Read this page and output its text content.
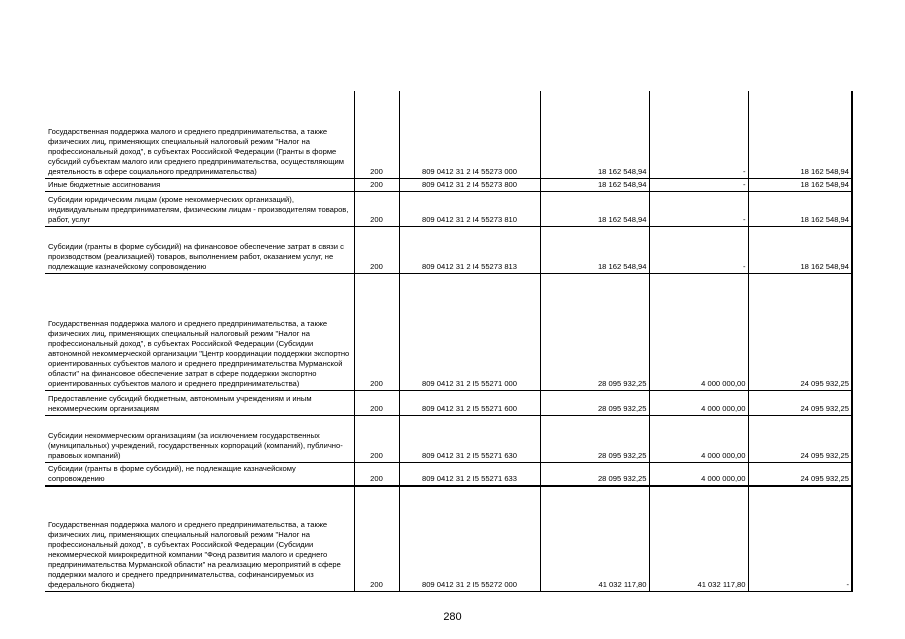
Государственная поддержка малого и среднего предпринимательства, а также физических лиц, применяющих специальный налоговый режим "Налог на профессиональный доход", в субъектах Российской Федерации (Гранты в форме субсидий субъектам малого или среднего предпринимательства, осуществляющим деятельность в сфере социального предпринимательства)	200	809 0412 31 2 I4 55273 000	18 162 548,94	-	18 162 548,94
Иные бюджетные ассигнования	200	809 0412 31 2 I4 55273 800	18 162 548,94	-	18 162 548,94
Субсидии юридическим лицам (кроме некоммерческих организаций), индивидуальным предпринимателям, физическим лицам - производителям товаров, работ, услуг	200	809 0412 31 2 I4 55273 810	18 162 548,94	-	18 162 548,94
Субсидии (гранты в форме субсидий) на финансовое обеспечение затрат в связи с производством (реализацией) товаров, выполнением работ, оказанием услуг, не подлежащие казначейскому сопровождению	200	809 0412 31 2 I4 55273 813	18 162 548,94	-	18 162 548,94
Государственная поддержка малого и среднего предпринимательства, а также физических лиц, применяющих специальный налоговый режим "Налог на профессиональный доход", в субъектах Российской Федерации (Субсидии автономной некоммерческой организации "Центр координации поддержки экспортно ориентированных субъектов малого и среднего предпринимательства Мурманской области" на финансовое обеспечение затрат в сфере поддержки экспортно ориентированных субъектов малого и среднего предпринимательства)	200	809 0412 31 2 I5 55271 000	28 095 932,25	4 000 000,00	24 095 932,25
Предоставление субсидий бюджетным, автономным учреждениям и иным некоммерческим организациям	200	809 0412 31 2 I5 55271 600	28 095 932,25	4 000 000,00	24 095 932,25
Субсидии некоммерческим организациям (за исключением государственных (муниципальных) учреждений, государственных корпораций (компаний), публично-правовых компаний)	200	809 0412 31 2 I5 55271 630	28 095 932,25	4 000 000,00	24 095 932,25
Субсидии (гранты в форме субсидий), не подлежащие казначейскому сопровождению	200	809 0412 31 2 I5 55271 633	28 095 932,25	4 000 000,00	24 095 932,25
Государственная поддержка малого и среднего предпринимательства, а также физических лиц, применяющих специальный налоговый режим "Налог на профессиональный доход", в субъектах Российской Федерации (Субсидии некоммерческой микрокредитной компании "Фонд развития малого и среднего предпринимательства Мурманской области" на реализацию мероприятий в сфере поддержки малого и среднего предпринимательства, софинансируемых из федерального бюджета)	200	809 0412 31 2 I5 55272 000	41 032 117,80	41 032 117,80	-
280
